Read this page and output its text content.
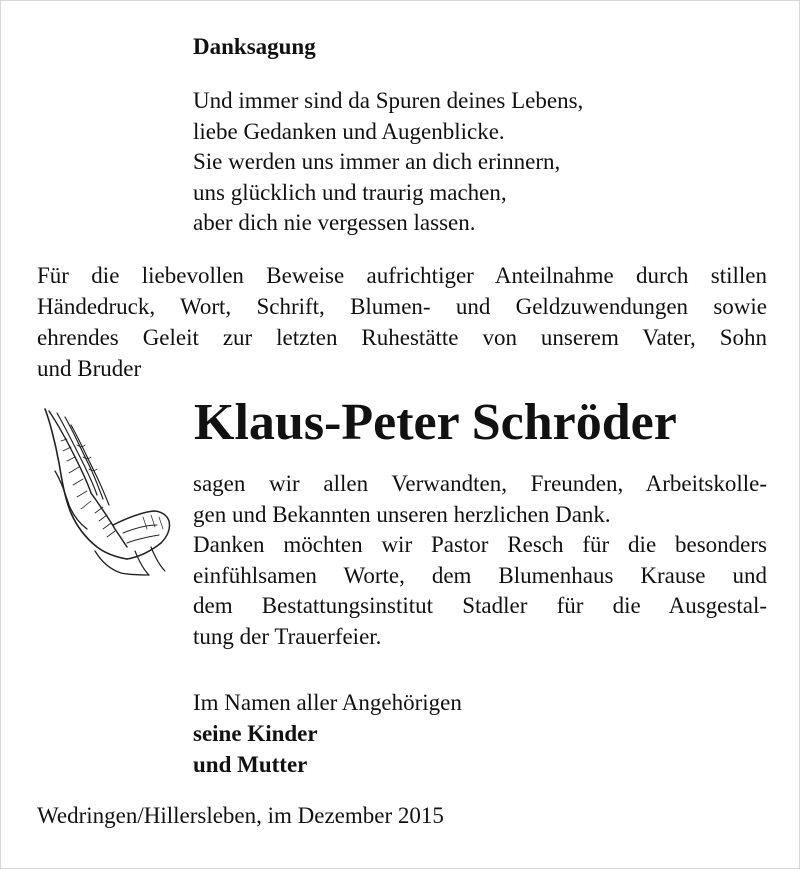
Danksagung
Und immer sind da Spuren deines Lebens,
liebe Gedanken und Augenblicke.
Sie werden uns immer an dich erinnern,
uns glücklich und traurig machen,
aber dich nie vergessen lassen.
Für die liebevollen Beweise aufrichtiger Anteilnahme durch stillen
Händedruck, Wort, Schrift, Blumen- und Geldzuwendungen sowie
ehrendes Geleit zur letzten Ruhestätte von unserem Vater, Sohn
und Bruder
Klaus-Peter Schröder
sagen wir allen Verwandten, Freunden, Arbeitskolle-
gen und Bekannten unseren herzlichen Dank.
Danken möchten wir Pastor Resch für die besonders
einfühlsamen Worte, dem Blumenhaus Krause und
dem Bestattungsinstitut Stadler für die Ausgestal-
tung der Trauerfeier.
Im Namen aller Angehörigen
seine Kinder
und Mutter
Wedringen/Hillersleben, im Dezember 2015
